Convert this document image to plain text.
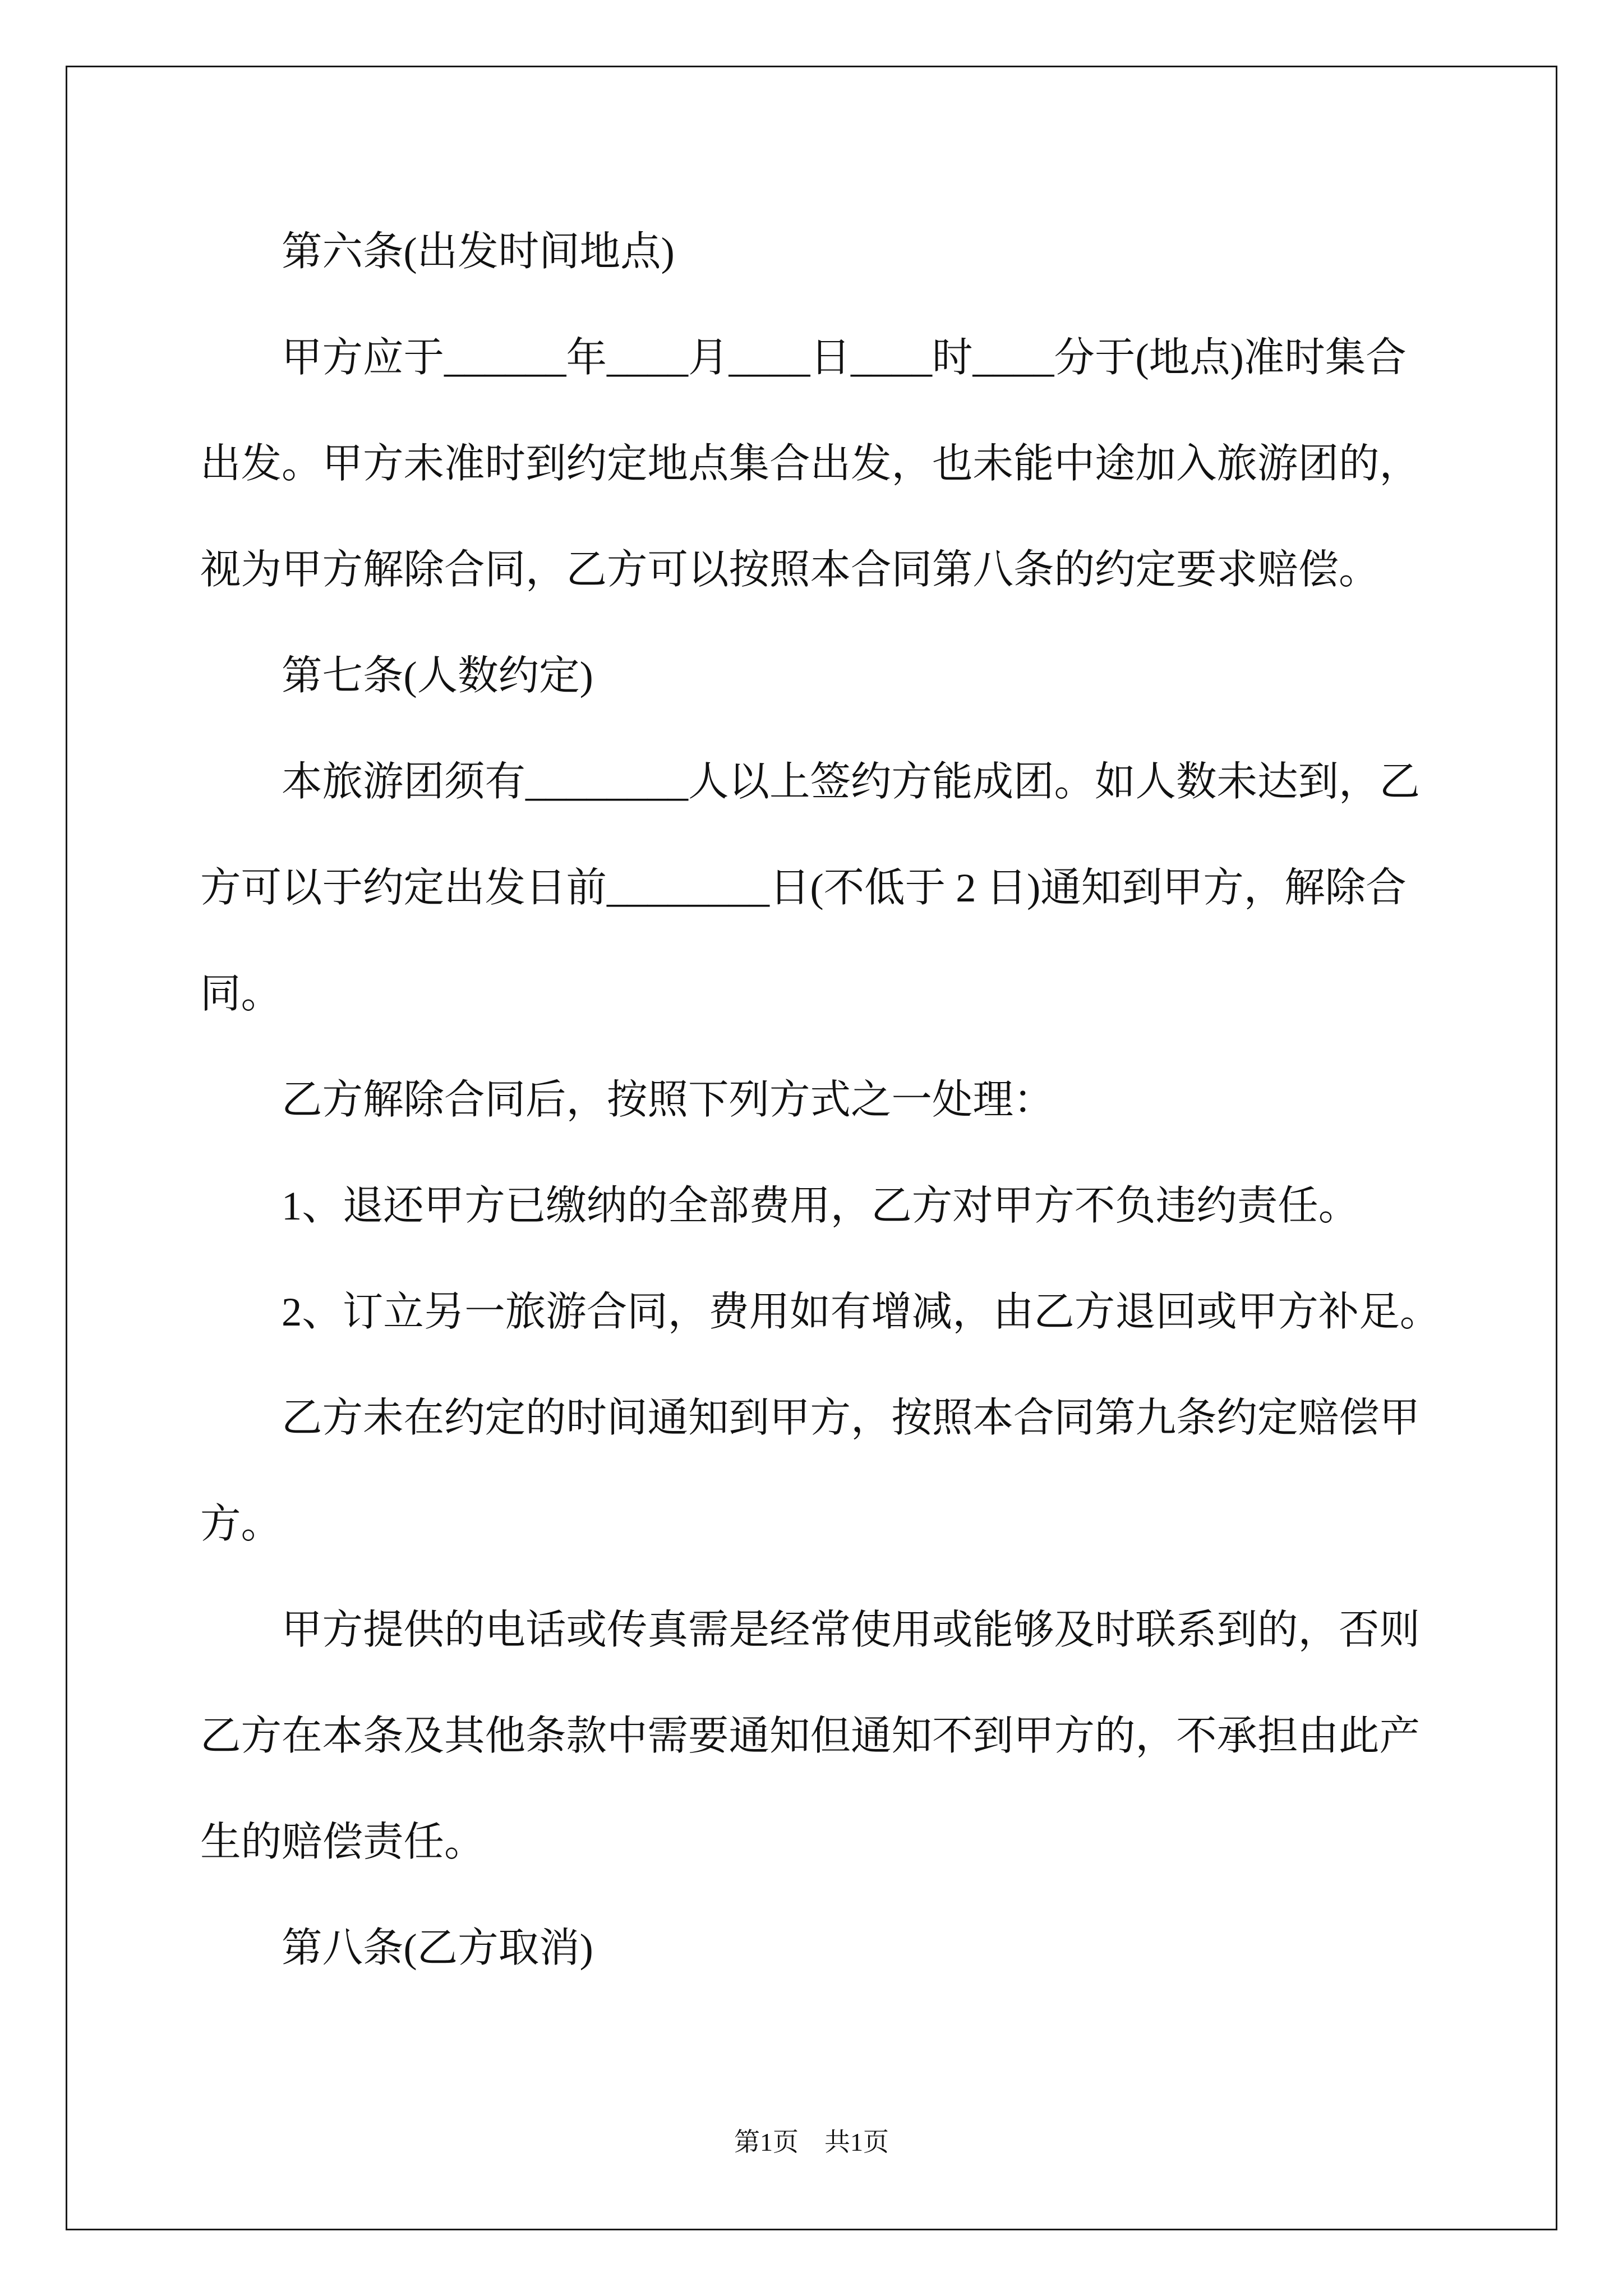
第六条(出发时间地点)
甲方应于______年____月____日____时____分于(地点)准时集合
出发。甲方未准时到约定地点集合出发，也未能中途加入旅游团的，
视为甲方解除合同，乙方可以按照本合同第八条的约定要求赔偿。
第七条(人数约定)
本旅游团须有________人以上签约方能成团。如人数未达到，乙
方可以于约定出发日前________日(不低于 2 日)通知到甲方，解除合
同。
乙方解除合同后，按照下列方式之一处理：
1、退还甲方已缴纳的全部费用，乙方对甲方不负违约责任。
2、订立另一旅游合同，费用如有增减，由乙方退回或甲方补足。
乙方未在约定的时间通知到甲方，按照本合同第九条约定赔偿甲
方。
甲方提供的电话或传真需是经常使用或能够及时联系到的，否则
乙方在本条及其他条款中需要通知但通知不到甲方的，不承担由此产
生的赔偿责任。
第八条(乙方取消)
第1页　共1页
